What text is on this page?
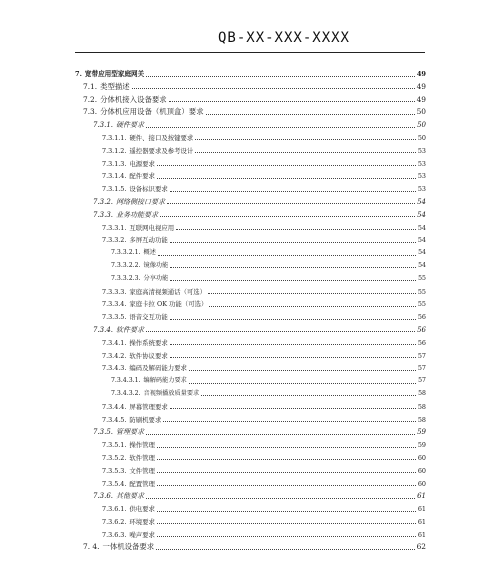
QB-XX-XXX-XXXX
7. 宽带应用型家庭网关	49
7.1. 类型描述	49
7.2. 分体机接入设备要求	49
7.3. 分体机应用设备（机顶盒）要求	50
7.3.1. 硬件要求	50
7.3.1.1. 硬件、接口及按键要求	50
7.3.1.2. 遥控器要求及参考设计	53
7.3.1.3. 电源要求	53
7.3.1.4. 配件要求	53
7.3.1.5. 设备标识要求	53
7.3.2. 网络侧接口要求	54
7.3.3. 业务功能要求	54
7.3.3.1. 互联网电视应用	54
7.3.3.2. 多屏互动功能	54
7.3.3.2.1. 概述	54
7.3.3.2.2. 镜像功能	54
7.3.3.2.3. 分享功能	55
7.3.3.3. 家庭高清视频通话（可选）	55
7.3.3.4. 家庭卡拉 OK 功能（可选）	55
7.3.3.5. 语音交互功能	56
7.3.4. 软件要求	56
7.3.4.1. 操作系统要求	56
7.3.4.2. 软件协议要求	57
7.3.4.3. 编码及解码能力要求	57
7.3.4.3.1. 编解码能力要求	57
7.3.4.3.2. 音视频播放质量要求	58
7.3.4.4. 屏幕管理要求	58
7.3.4.5. 防刷机要求	58
7.3.5. 管理要求	59
7.3.5.1. 操作管理	59
7.3.5.2. 软件管理	60
7.3.5.3. 文件管理	60
7.3.5.4. 配置管理	60
7.3.6. 其他要求	61
7.3.6.1. 供电要求	61
7.3.6.2. 环境要求	61
7.3.6.3. 噪声要求	61
7. 4. 一体机设备要求	62
